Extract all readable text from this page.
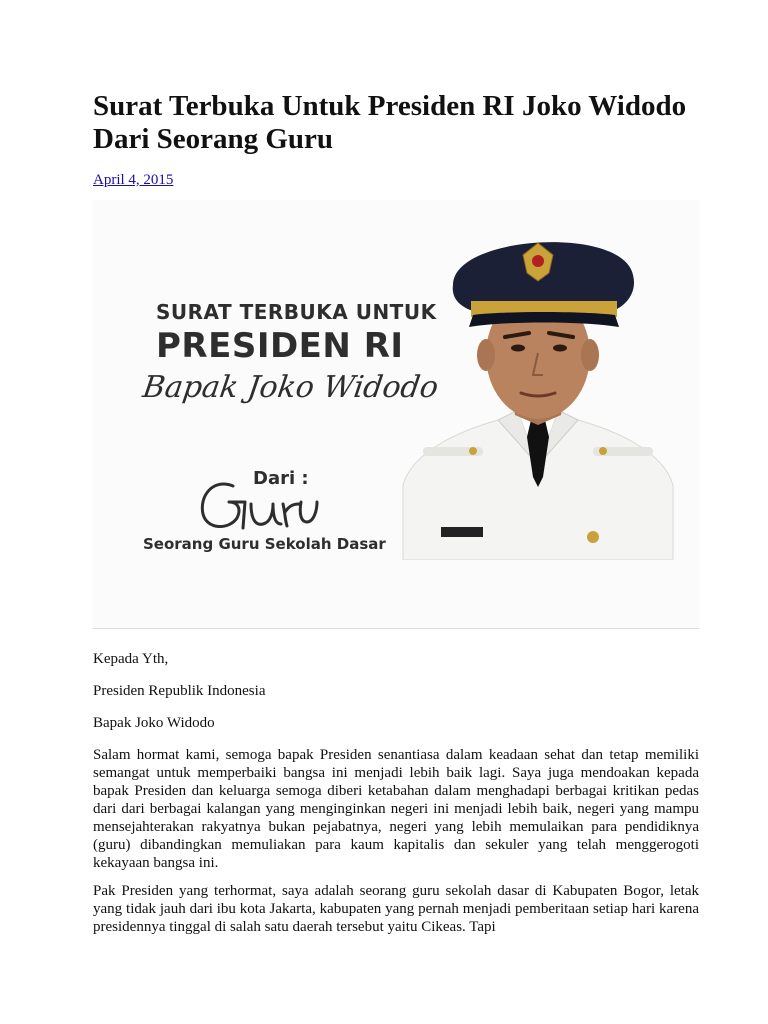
Surat Terbuka Untuk Presiden RI Joko Widodo Dari Seorang Guru
April 4, 2015
SURAT TERBUKA UNTUK
PRESIDEN RI
Bapak Joko Widodo
Dari :
Seorang Guru Sekolah Dasar

Kepada Yth,

Presiden Republik Indonesia

Bapak Joko Widodo

Salam hormat kami, semoga bapak Presiden senantiasa dalam keadaan sehat dan tetap memiliki semangat untuk memperbaiki bangsa ini menjadi lebih baik lagi. Saya juga mendoakan kepada bapak Presiden dan keluarga semoga diberi ketabahan dalam menghadapi berbagai kritikan pedas dari dari berbagai kalangan yang menginginkan negeri ini menjadi lebih baik, negeri yang mampu mensejahterakan rakyatnya bukan pejabatnya, negeri yang lebih memulaikan para pendidiknya (guru) dibandingkan memuliakan para kaum kapitalis dan sekuler yang telah menggerogoti kekayaan bangsa ini.

Pak Presiden yang terhormat, saya adalah seorang guru sekolah dasar di Kabupaten Bogor, letak yang tidak jauh dari ibu kota Jakarta, kabupaten yang pernah menjadi pemberitaan setiap hari karena presidennya tinggal di salah satu daerah tersebut yaitu Cikeas. Tapi
